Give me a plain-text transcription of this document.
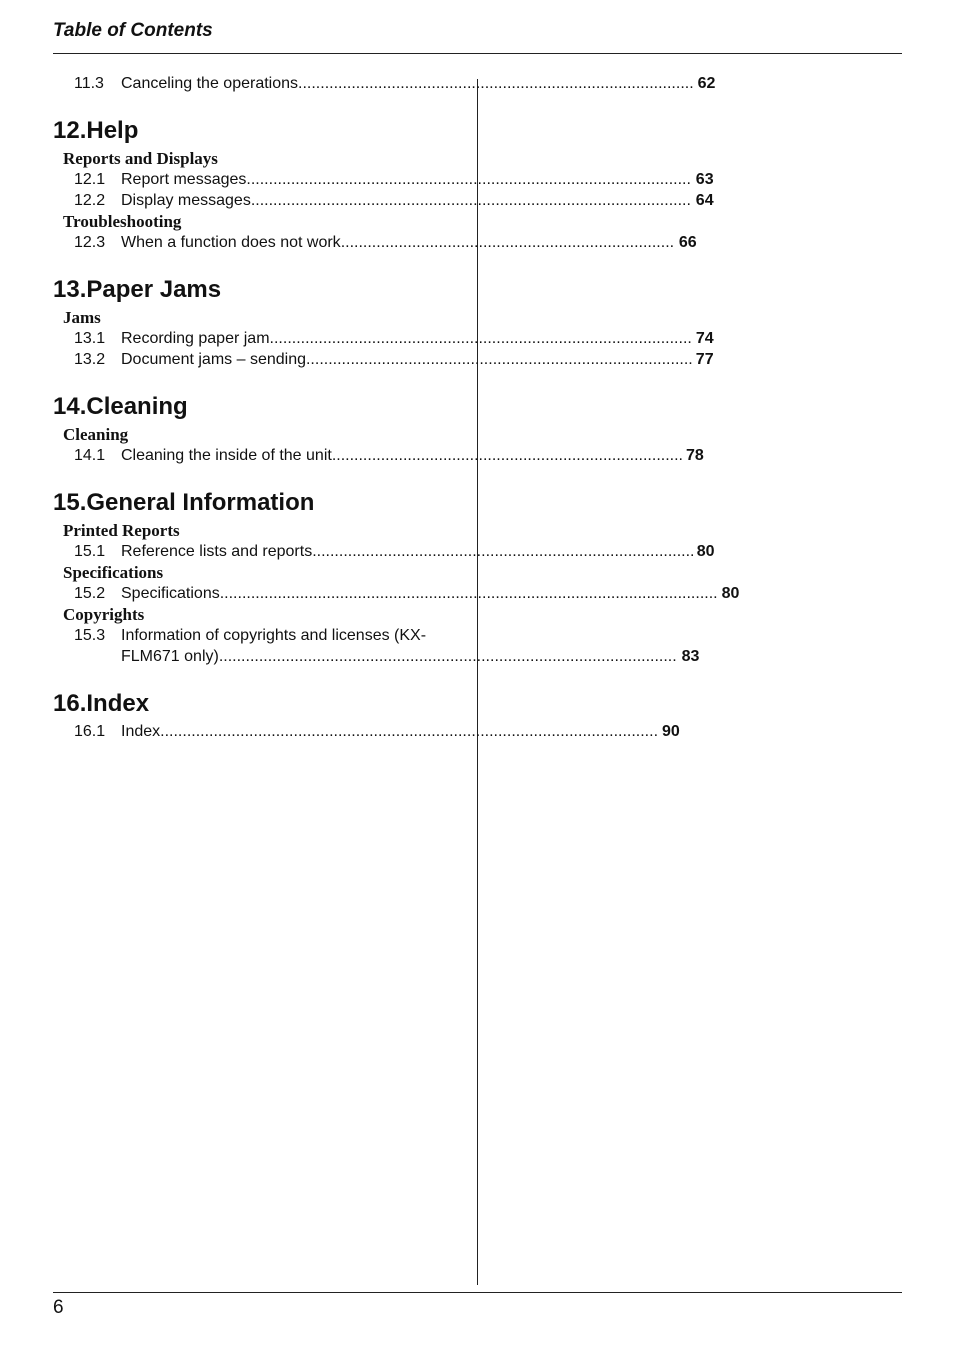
Table of Contents
11.3	Canceling the operations .....	62
12.Help
Reports and Displays
12.1 Report messages .....	63
12.2 Display messages .....	64
Troubleshooting
12.3 When a function does not work .....	66
13.Paper Jams
Jams
13.1 Recording paper jam .....	74
13.2 Document jams – sending .....	77
14.Cleaning
Cleaning
14.1 Cleaning the inside of the unit .....	78
15.General Information
Printed Reports
15.1 Reference lists and reports .....	80
Specifications
15.2 Specifications .....	80
Copyrights
15.3 Information of copyrights and licenses (KX-
FLM671 only) .....	83
16.Index
16.1 Index .....	90
6
